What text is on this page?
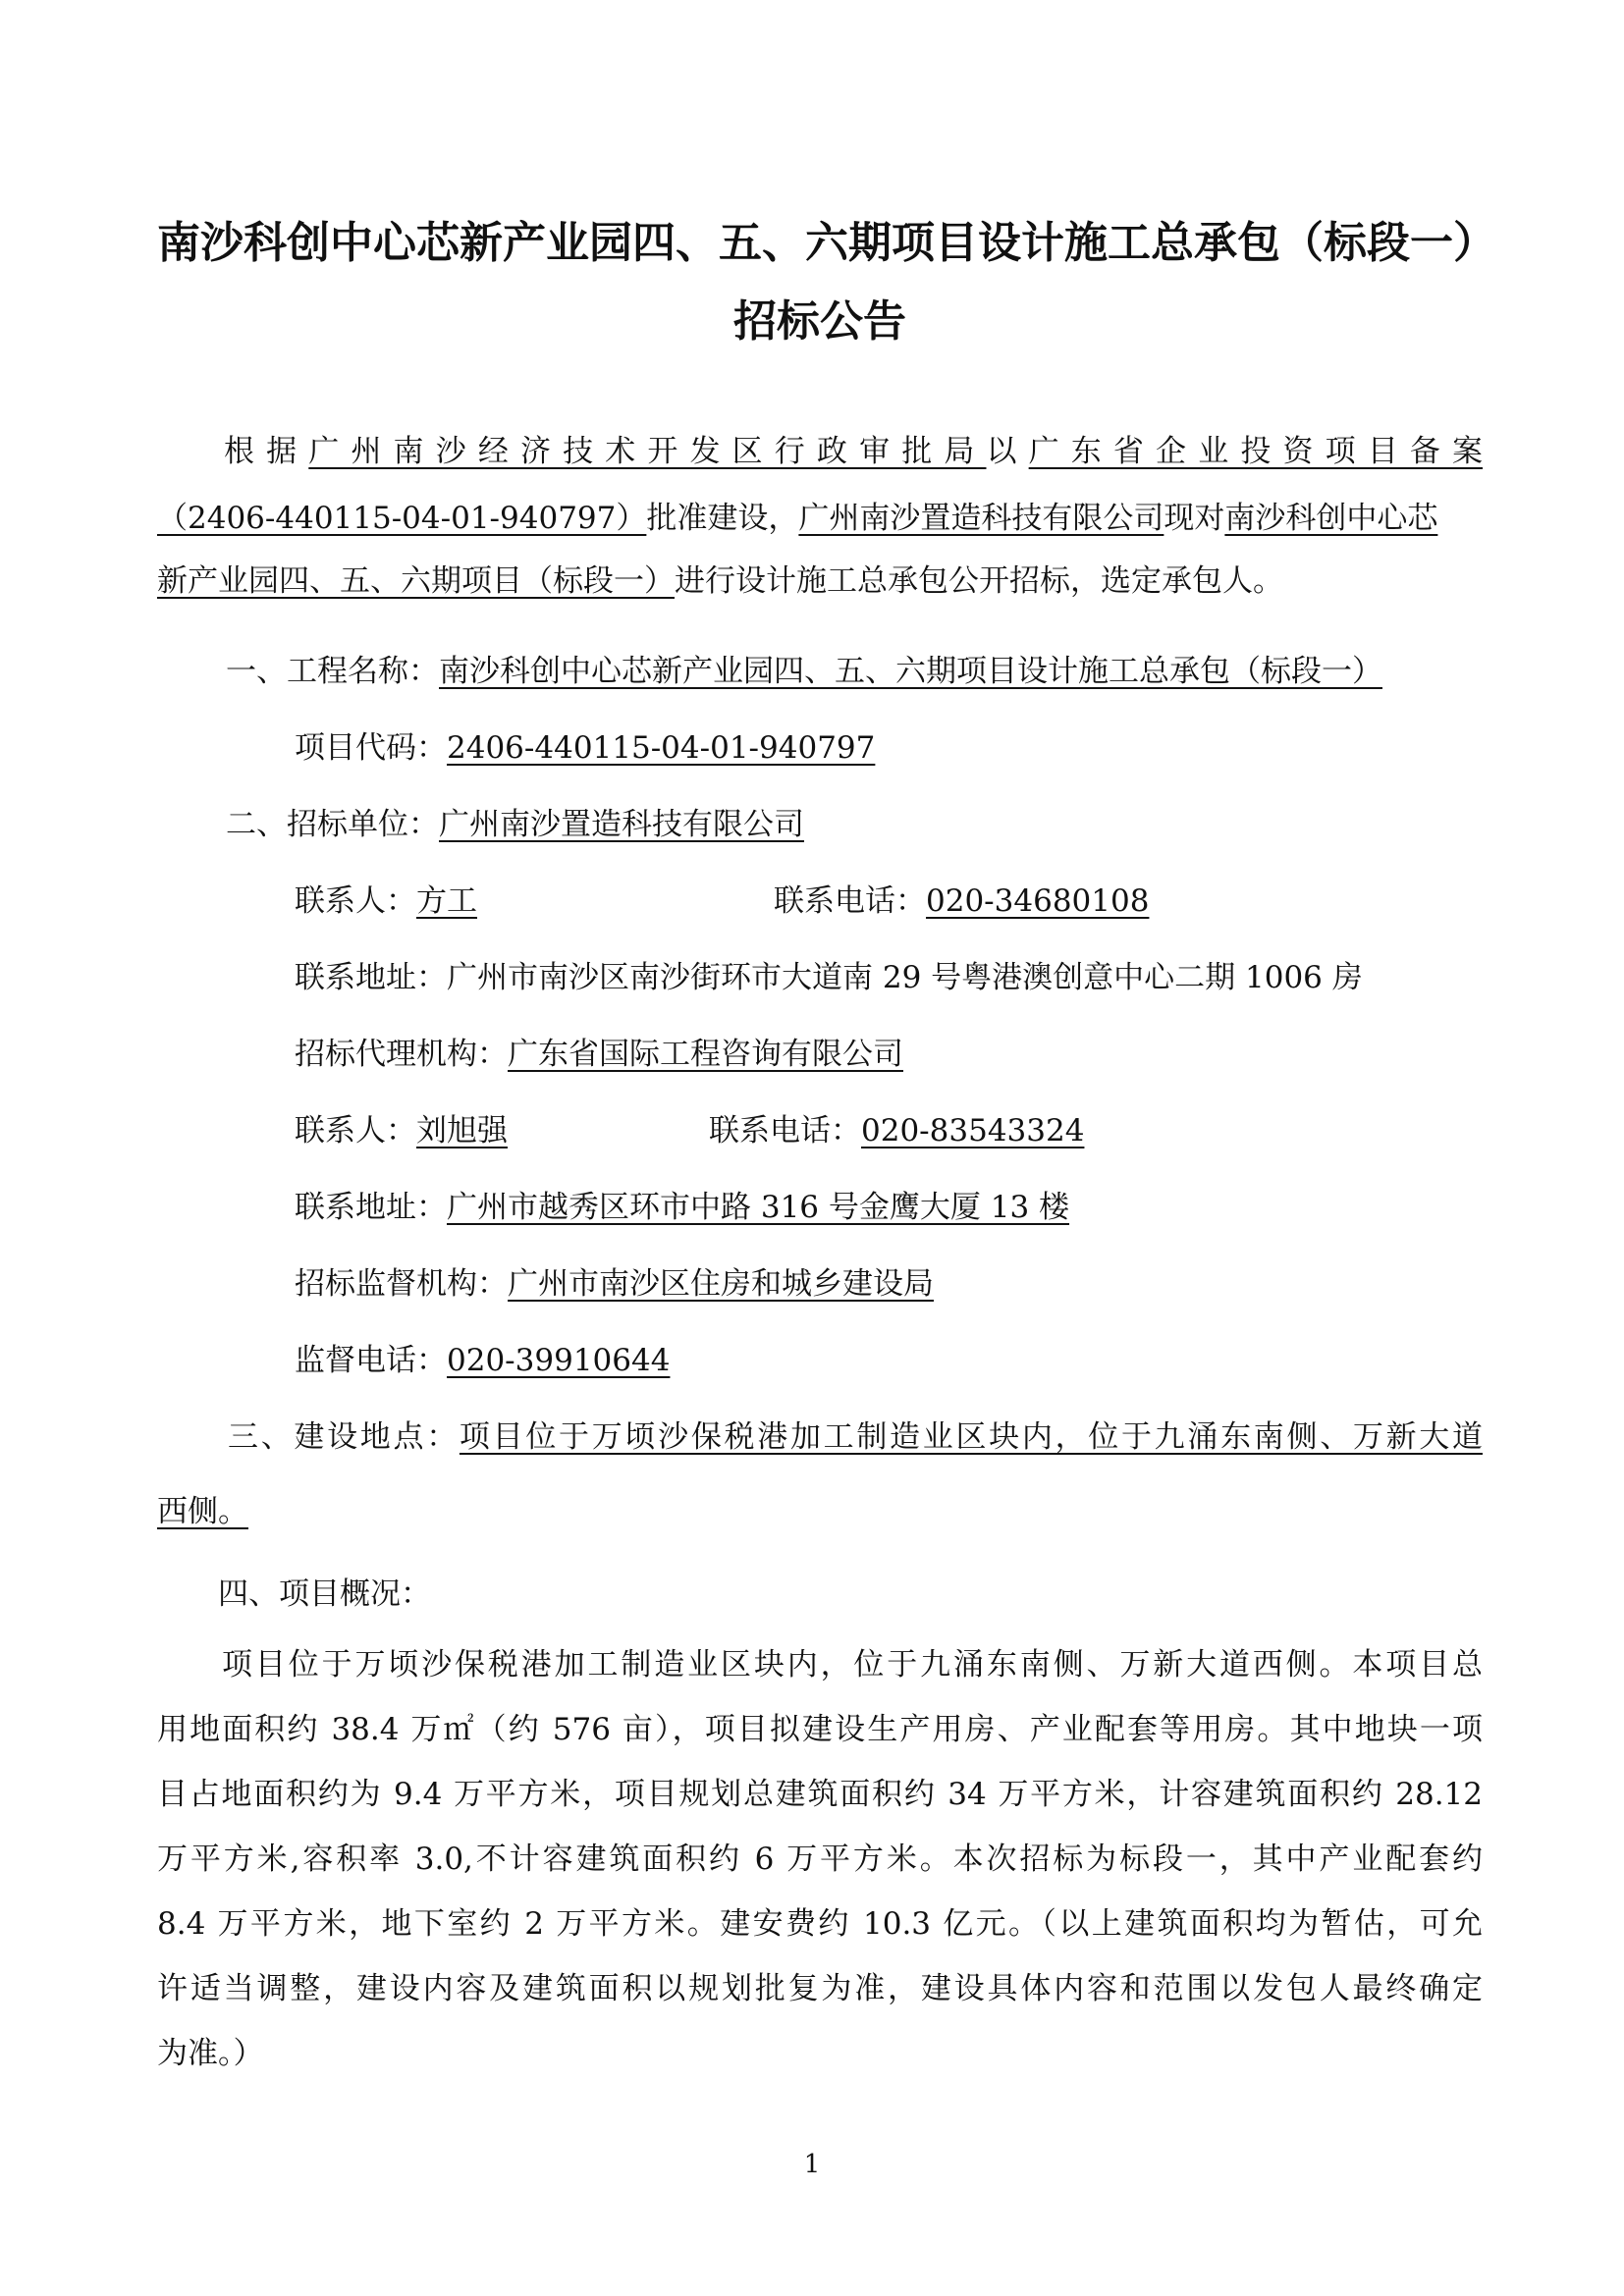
南沙科创中心芯新产业园四、五、六期项目设计施工总承包（标段一）
招标公告
根据广州南沙经济技术开发区行政审批局以广东省企业投资项目备案
（2406-440115-04-01-940797）批准建设，广州南沙置造科技有限公司现对南沙科创中心芯
新产业园四、五、六期项目（标段一）进行设计施工总承包公开招标，选定承包人。
一、工程名称：南沙科创中心芯新产业园四、五、六期项目设计施工总承包（标段一）
项目代码：2406-440115-04-01-940797
二、招标单位：广州南沙置造科技有限公司
联系人：方工	联系电话：020-34680108
联系地址：广州市南沙区南沙街环市大道南 29 号粤港澳创意中心二期 1006 房
招标代理机构：广东省国际工程咨询有限公司
联系人：刘旭强	联系电话：020-83543324
联系地址：广州市越秀区环市中路 316 号金鹰大厦 13 楼
招标监督机构：广州市南沙区住房和城乡建设局
监督电话：020-39910644
三、建设地点：项目位于万顷沙保税港加工制造业区块内，位于九涌东南侧、万新大道
西侧。
四、项目概况：
项目位于万顷沙保税港加工制造业区块内，位于九涌东南侧、万新大道西侧。本项目总
用地面积约 38.4 万㎡（约 576 亩），项目拟建设生产用房、产业配套等用房。其中地块一项
目占地面积约为 9.4 万平方米，项目规划总建筑面积约 34 万平方米，计容建筑面积约 28.12
万平方米,容积率 3.0,不计容建筑面积约 6 万平方米。本次招标为标段一，其中产业配套约
8.4 万平方米，地下室约 2 万平方米。建安费约 10.3 亿元。（以上建筑面积均为暂估，可允
许适当调整，建设内容及建筑面积以规划批复为准，建设具体内容和范围以发包人最终确定
为准。）
1
